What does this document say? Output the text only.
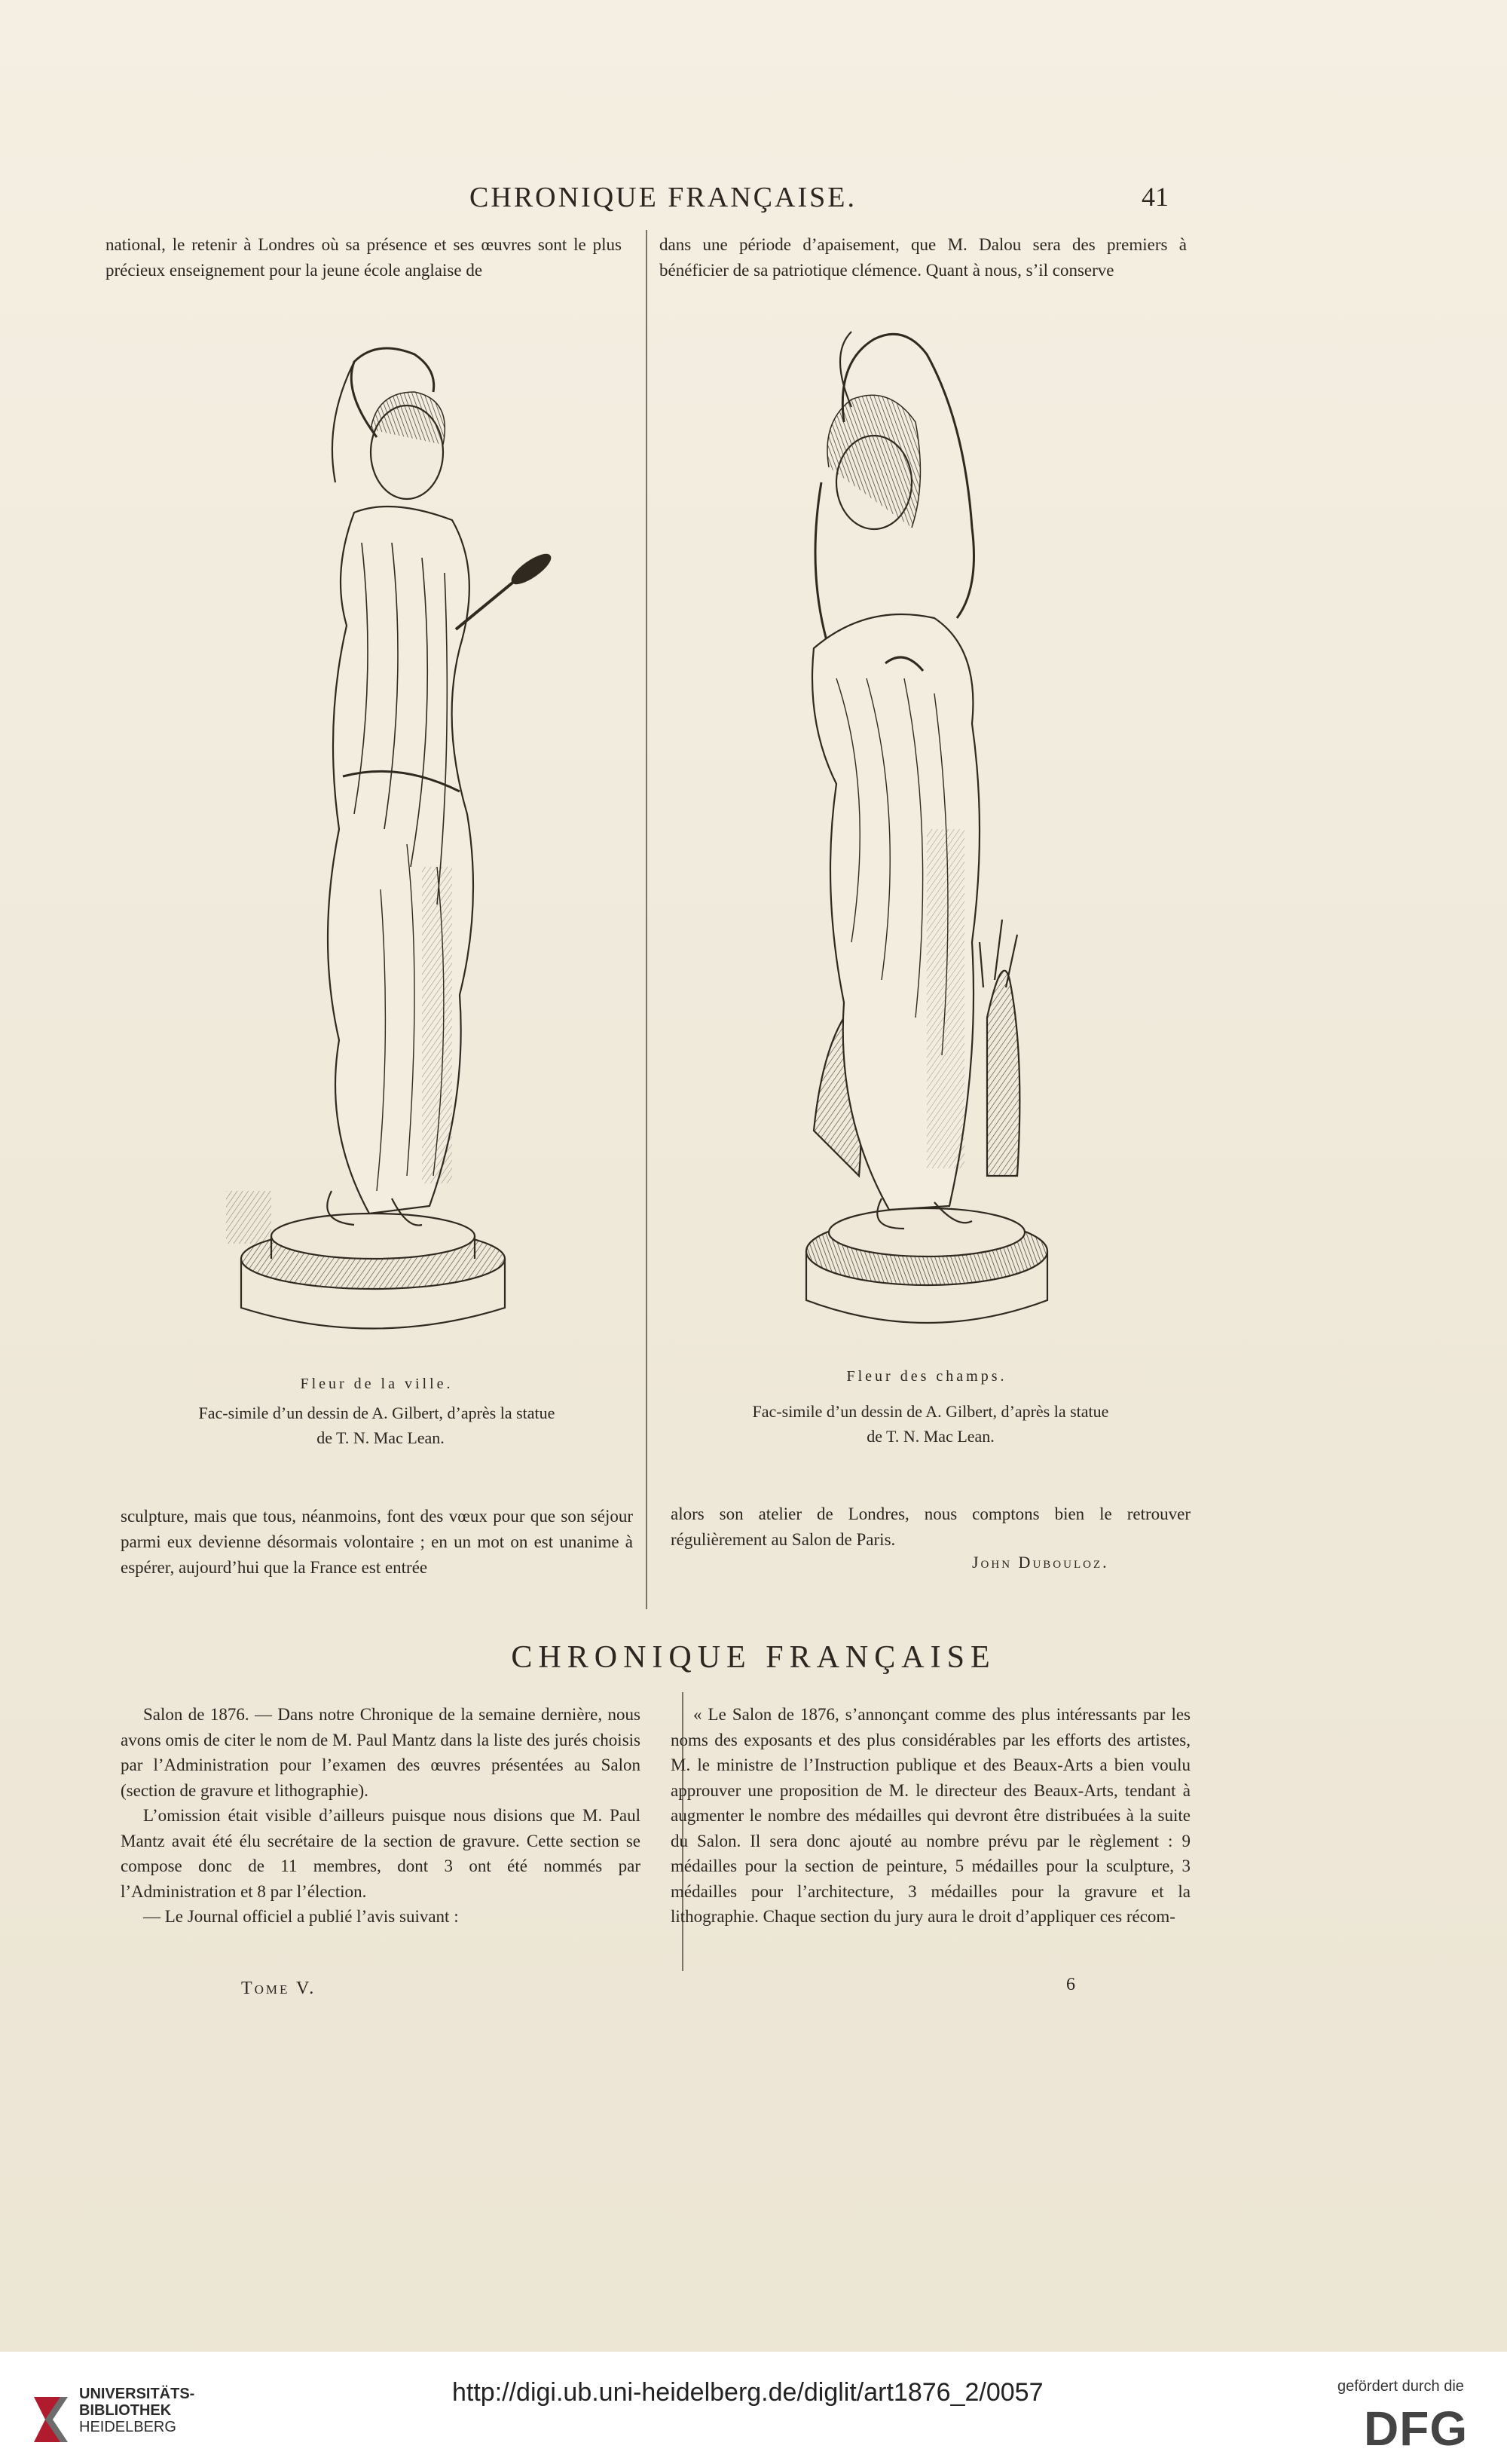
CHRONIQUE FRANÇAISE.	41
national, le retenir à Londres où sa présence et ses œuvres sont le plus précieux enseignement pour la jeune école anglaise de
dans une période d’apaisement, que M. Dalou sera des premiers à bénéficier de sa patriotique clémence. Quant à nous, s’il conserve
Fleur de la ville.
Fac-simile d’un dessin de A. Gilbert, d’après la statue
de T. N. Mac Lean.
Fleur des champs.
Fac-simile d’un dessin de A. Gilbert, d’après la statue
de T. N. Mac Lean.
sculpture, mais que tous, néanmoins, font des vœux pour que son séjour parmi eux devienne désormais volontaire ; en un mot on est unanime à espérer, aujourd’hui que la France est entrée
alors son atelier de Londres, nous comptons bien le retrouver régulièrement au Salon de Paris.
John Dubouloz.
CHRONIQUE FRANÇAISE

Salon de 1876. — Dans notre Chronique de la semaine dernière, nous avons omis de citer le nom de M. Paul Mantz dans la liste des jurés choisis par l’Administration pour l’examen des œuvres présentées au Salon (section de gravure et lithographie).

L’omission était visible d’ailleurs puisque nous disions que M. Paul Mantz avait été élu secrétaire de la section de gravure. Cette section se compose donc de 11 membres, dont 3 ont été nommés par l’Administration et 8 par l’élection.

— Le Journal officiel a publié l’avis suivant :

« Le Salon de 1876, s’annonçant comme des plus intéressants par les noms des exposants et des plus considérables par les efforts des artistes, M. le ministre de l’Instruction publique et des Beaux-Arts a bien voulu approuver une proposition de M. le directeur des Beaux-Arts, tendant à augmenter le nombre des médailles qui devront être distribuées à la suite du Salon. Il sera donc ajouté au nombre prévu par le règlement : 9 médailles pour la section de peinture, 5 médailles pour la sculpture, 3 médailles pour l’architecture, 3 médailles pour la gravure et la lithographie. Chaque section du jury aura le droit d’appliquer ces récom-

Tome V.	6
UNIVERSITÄTS-
BIBLIOTHEK
HEIDELBERG
http://digi.ub.uni-heidelberg.de/diglit/art1876_2/0057	gefördert durch die
DFG
